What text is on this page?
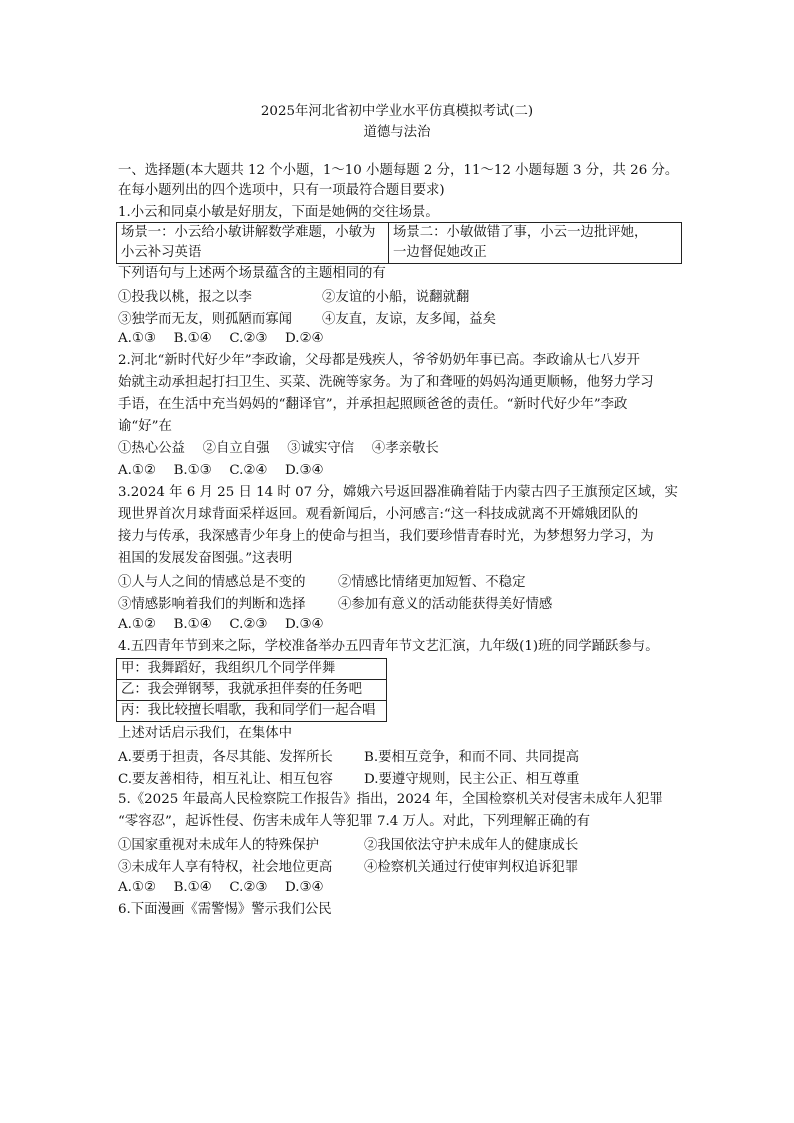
2025年河北省初中学业水平仿真模拟考试(二)
道德与法治
一、选择题(本大题共 12 个小题，1～10 小题每题 2 分，11～12 小题每题 3 分，共 26 分。
在每小题列出的四个选项中，只有一项最符合题目要求)
1.小云和同桌小敏是好朋友，下面是她俩的交往场景。
场景一：小云给小敏讲解数学难题，小敏为
小云补习英语

场景二：小敏做错了事，小云一边批评她，
一边督促她改正
下列语句与上述两个场景蕴含的主题相同的有
①投我以桃，报之以李	②友谊的小船，说翻就翻
③独学而无友，则孤陋而寡闻 ④友直，友谅，友多闻，益矣
A.①③　 B.①④　 C.②③　 D.②④
2.河北“新时代好少年”李政谕，父母都是残疾人，爷爷奶奶年事已高。李政谕从七八岁开
始就主动承担起打扫卫生、买菜、洗碗等家务。为了和聋哑的妈妈沟通更顺畅，他努力学习
手语，在生活中充当妈妈的“翻译官”，并承担起照顾爸爸的责任。“新时代好少年”李政
谕“好”在
①热心公益　 ②自立自强　 ③诚实守信　 ④孝亲敬长
A.①②　 B.①③　 C.②④　 D.③④
3.2024 年 6 月 25 日 14 时 07 分，嫦娥六号返回器准确着陆于内蒙古四子王旗预定区域，实
现世界首次月球背面采样返回。观看新闻后，小河感言:“这一科技成就离不开嫦娥团队的
接力与传承，我深感青少年身上的使命与担当，我们要珍惜青春时光，为梦想努力学习，为
祖国的发展发奋图强。”这表明
①人与人之间的情感总是不变的 ②情感比情绪更加短暂、不稳定
③情感影响着我们的判断和选择 ④参加有意义的活动能获得美好情感
A.①②　 B.①④　 C.②③　 D.③④
4.五四青年节到来之际，学校准备举办五四青年节文艺汇演，九年级(1)班的同学踊跃参与。
甲：我舞蹈好，我组织几个同学伴舞
乙：我会弹钢琴，我就承担伴奏的任务吧
丙：我比较擅长唱歌，我和同学们一起合唱
上述对话启示我们，在集体中
A.要勇于担责，各尽其能、发挥所长 B.要相互竞争，和而不同、共同提高
C.要友善相待，相互礼让、相互包容 D.要遵守规则，民主公正、相互尊重
5.《2025 年最高人民检察院工作报告》指出，2024 年，全国检察机关对侵害未成年人犯罪
“零容忍”，起诉性侵、伤害未成年人等犯罪 7.4 万人。对此，下列理解正确的有
①国家重视对未成年人的特殊保护	②我国依法守护未成年人的健康成长
③未成年人享有特权，社会地位更高 ④检察机关通过行使审判权追诉犯罪
A.①②　 B.①④　 C.②③　 D.③④
6.下面漫画《需警惕》警示我们公民
